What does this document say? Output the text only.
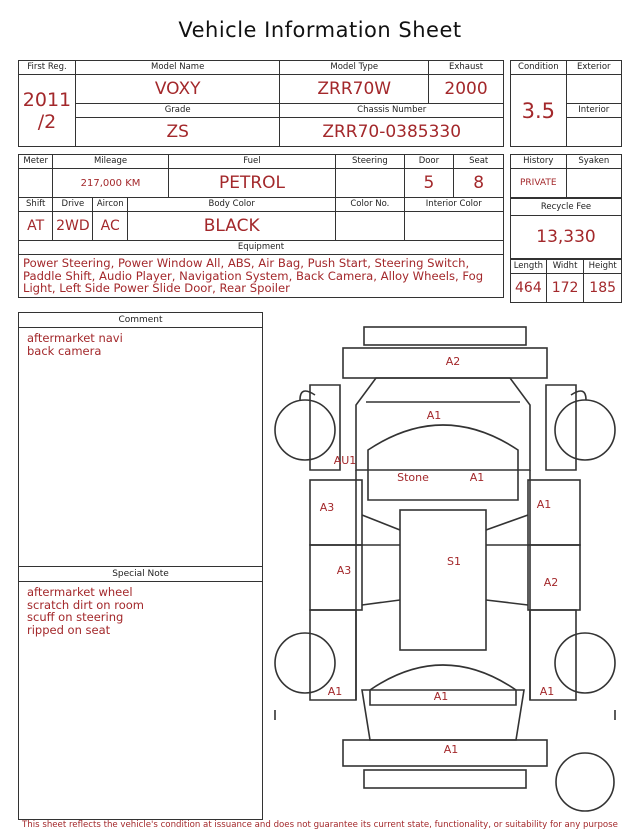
Vehicle Information Sheet
First Reg.	Model Name	Model Type	Exhaust

2011
/2	VOXY	ZRR70W	2000
	Grade	Chassis Number	
	ZS	ZRR70-0385330	
Condition	Exterior
3.5	
	Interior

Meter	Mileage			Fuel	Steering	Door	Seat
	217,000 KM			PETROL		5	8
Shift	Drive	Aircon	Body Color		Color No.	Interior Color	
AT	2WD	AC	BLACK				
Equipment							
Power Steering, Power Window All, ABS, Air Bag, Push Start, Steering Switch, Paddle Shift, Audio Player, Navigation System, Back Camera, Alloy Wheels, Fog Light, Left Side Power Slide Door, Rear Spoiler							
History	Syaken
PRIVATE	
Recycle Fee
13,330
Length	Widht	Height
464	172	185
Comment
aftermarket navi
back camera
Special Note
aftermarket wheel
scratch dirt on room
scuff on steering
ripped on seat
A2
A1
AU1
Stone	A1
A3	A1
S1
A3
A2
A1	A1	A1
A1
This sheet reflects the vehicle's condition at issuance and does not guarantee its current state, functionality, or suitability for any purpose
